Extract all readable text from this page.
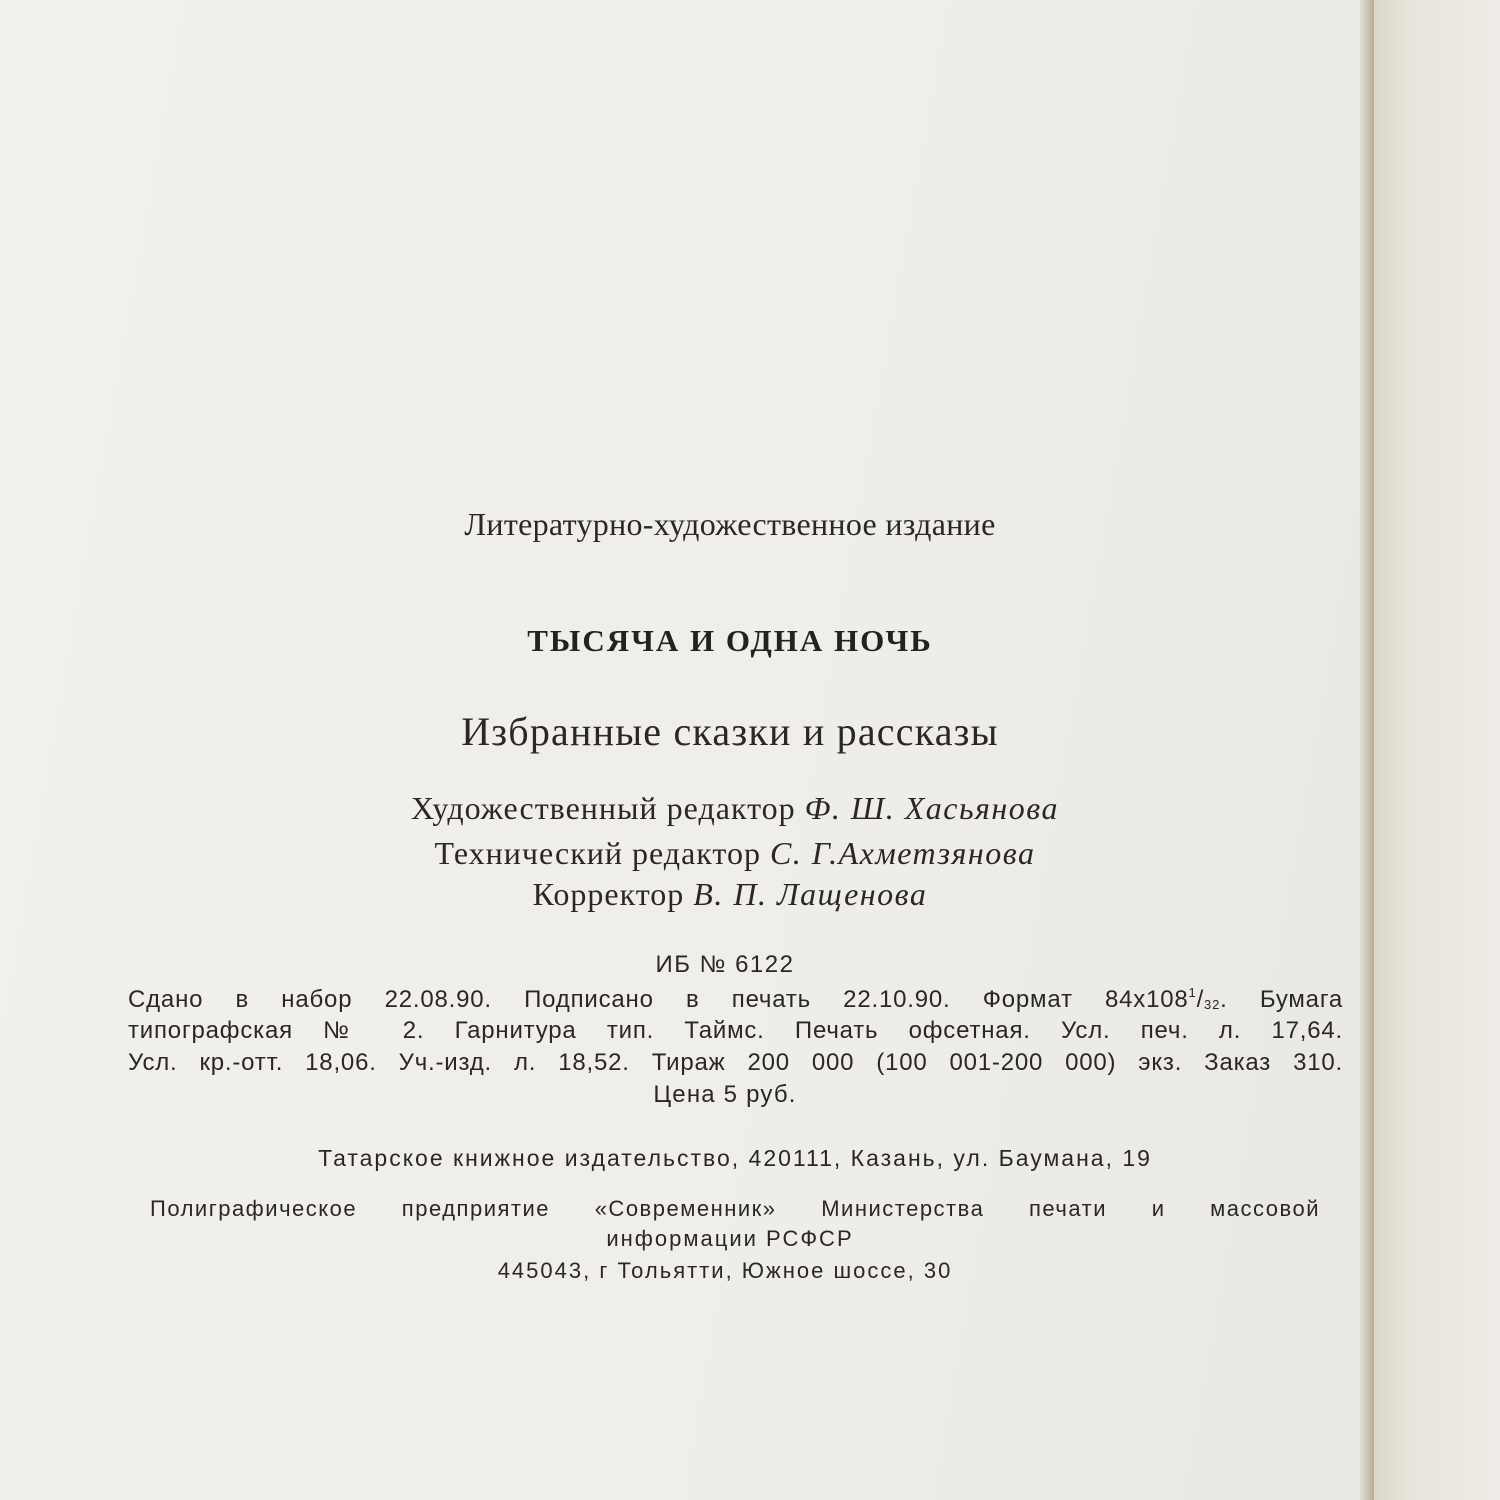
Литературно-художественное издание
ТЫСЯЧА И ОДНА НОЧЬ
Избранные сказки и рассказы
Художественный редактор Ф. Ш. Хасьянова
Технический редактор С. Г.Ахметзянова
Корректор В. П. Лащенова
ИБ № 6122
Сдано в набор 22.08.90. Подписано в печать 22.10.90. Формат $84х108^1/_{32}$. Бумага
типографская № 2. Гарнитура тип. Таймс. Печать офсетная. Усл. печ. л. 17,64.
Усл. кр.-отт. 18,06. Уч.-изд. л. 18,52. Тираж 200 000 (100 001-200 000) экз. Заказ 310.
Цена 5 руб.
Татарское книжное издательство, 420111, Казань, ул. Баумана, 19
Полиграфическое предприятие «Современник» Министерства печати и массовой
информации РСФСР
445043, г Тольятти, Южное шоссе, 30
